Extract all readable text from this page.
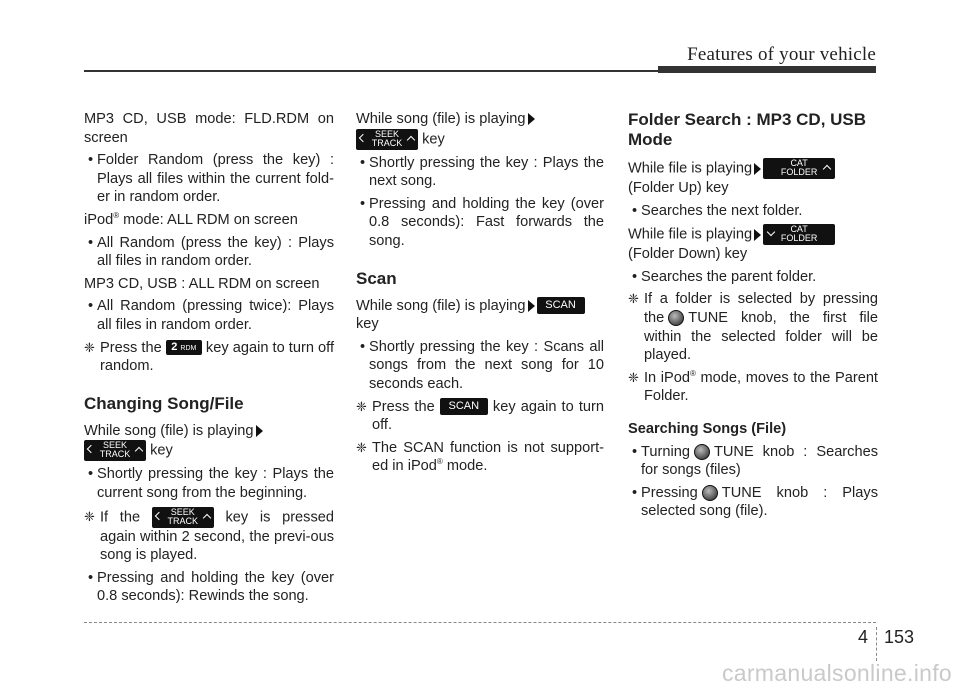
Features of your vehicle

MP3 CD, USB mode: FLD.RDM on screen

• Folder Random (press the key) : Plays all files within the current fold-er in random order.

iPod® mode: ALL RDM on screen

• All Random (press the key) : Plays all files in random order.

MP3 CD, USB : ALL RDM on screen

• All Random (pressing twice): Plays all files in random order.

❈ Press the 2 RDM key again to turn off random.

Changing Song/File

While song (file) is playing

SEEK
TRACK	key

• Shortly pressing the key : Plays the current song from the beginning.

❈ If the	SEEK
TRACK	key is pressed again within 2 second, the previ-ous song is played.

• Pressing and holding the key (over 0.8 seconds): Rewinds the song.

While song (file) is playing

SEEK
TRACK	key

• Shortly pressing the key : Plays the next song.

• Pressing and holding the key (over 0.8 seconds): Fast forwards the song.

Scan

While song (file) is playing SCAN

key

• Shortly pressing the key : Scans all songs from the next song for 10 seconds each.

❈ Press the SCAN key again to turn off.

❈ The SCAN function is not support-ed in iPod® mode.

Folder Search : MP3 CD, USB Mode

While file is playing	CAT
FOLDER

(Folder Up) key

• Searches the next folder.

While file is playing	CAT
FOLDER

(Folder Down) key

• Searches the parent folder.

❈ If a folder is selected by pressing the TUNE knob, the first file within the selected folder will be played.

❈ In iPod® mode, moves to the Parent Folder.

Searching Songs (File)

• Turning TUNE knob : Searches for songs (files)

• Pressing TUNE knob : Plays selected song (file).

4 153
carmanualsonline.info
